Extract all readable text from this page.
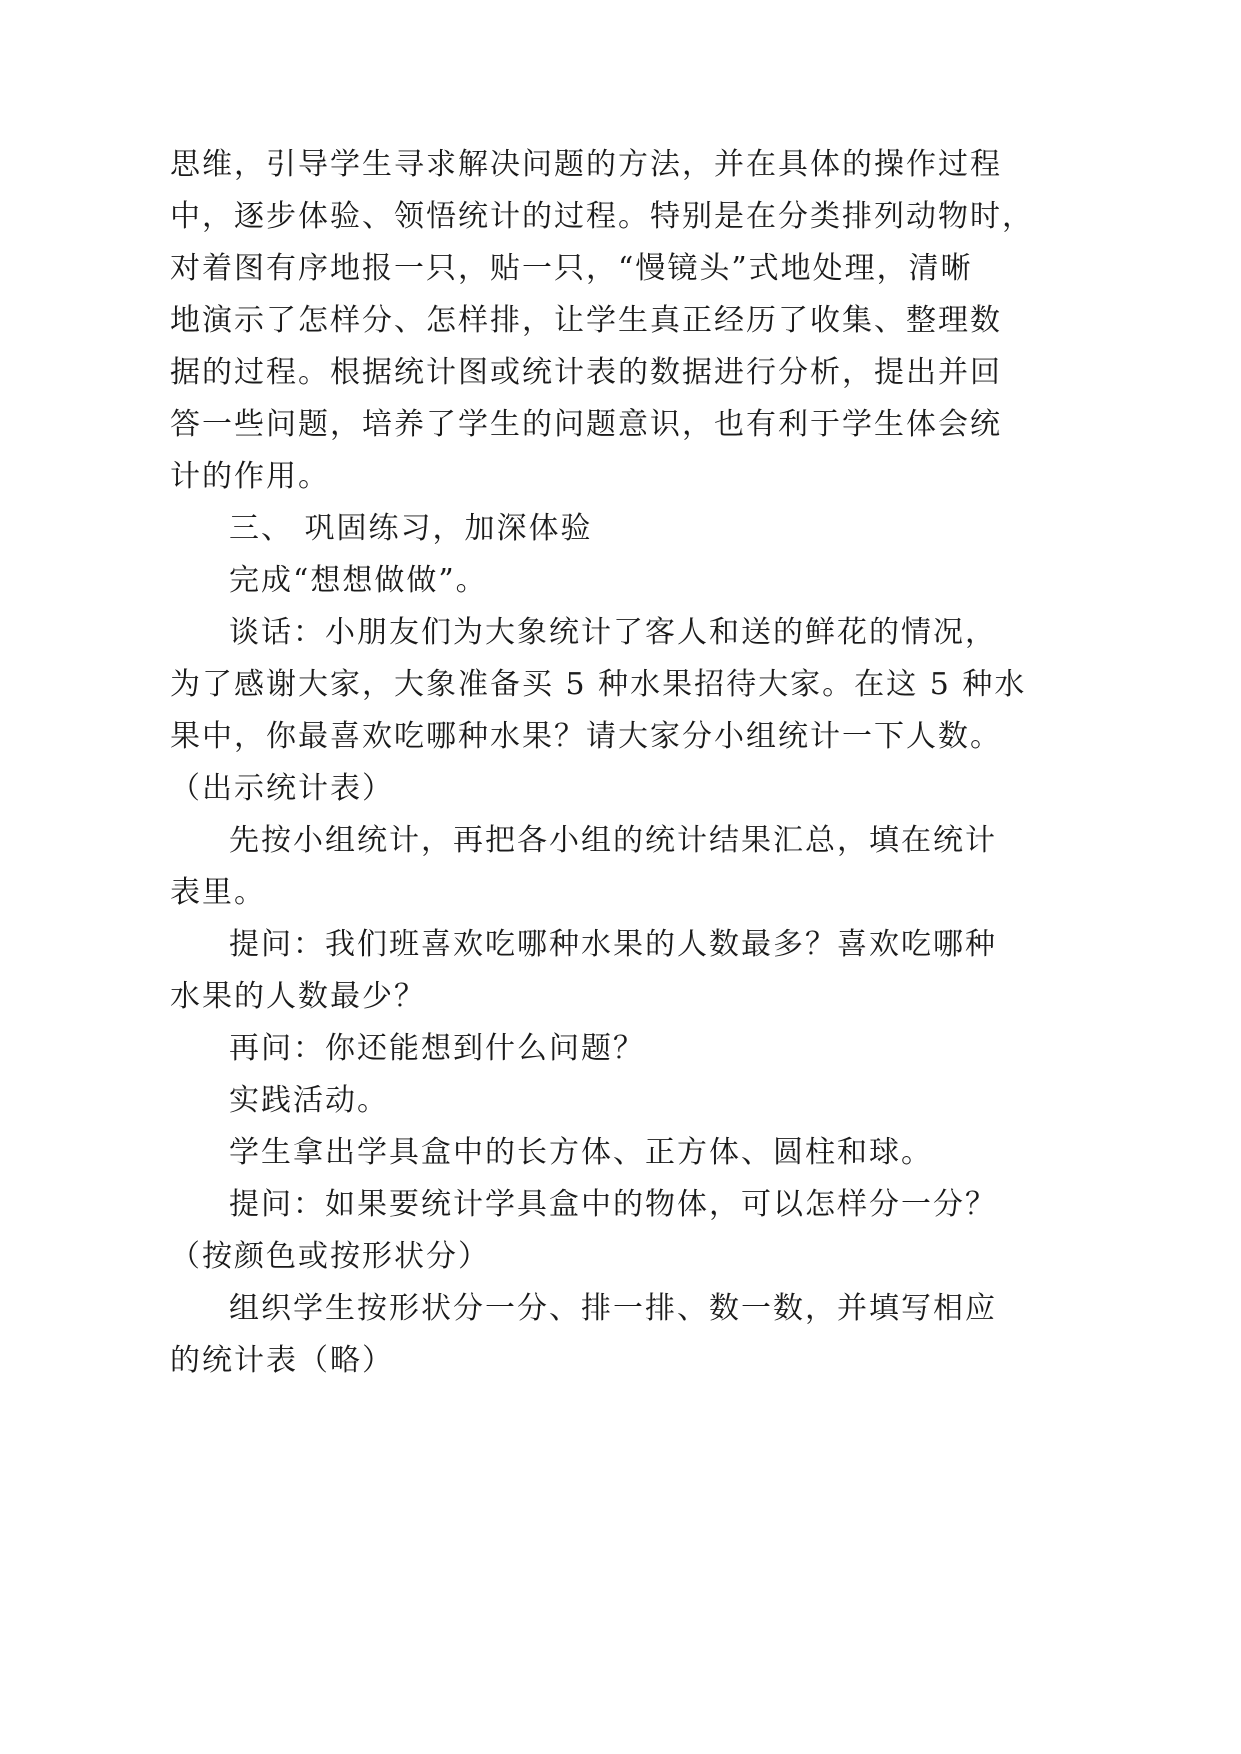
思维，引导学生寻求解决问题的方法，并在具体的操作过程
中，逐步体验、领悟统计的过程。特别是在分类排列动物时，
对着图有序地报一只，贴一只，“慢镜头”式地处理，清晰
地演示了怎样分、怎样排，让学生真正经历了收集、整理数
据的过程。根据统计图或统计表的数据进行分析，提出并回
答一些问题，培养了学生的问题意识，也有利于学生体会统
计的作用。
三、 巩固练习，加深体验
完成“想想做做”。
谈话：小朋友们为大象统计了客人和送的鲜花的情况，
为了感谢大家，大象准备买 5 种水果招待大家。在这 5 种水
果中，你最喜欢吃哪种水果？请大家分小组统计一下人数。
（出示统计表）
先按小组统计，再把各小组的统计结果汇总，填在统计
表里。
提问：我们班喜欢吃哪种水果的人数最多？喜欢吃哪种
水果的人数最少？
再问：你还能想到什么问题？
实践活动。
学生拿出学具盒中的长方体、正方体、圆柱和球。
提问：如果要统计学具盒中的物体，可以怎样分一分？
（按颜色或按形状分）
组织学生按形状分一分、排一排、数一数，并填写相应
的统计表（略）
